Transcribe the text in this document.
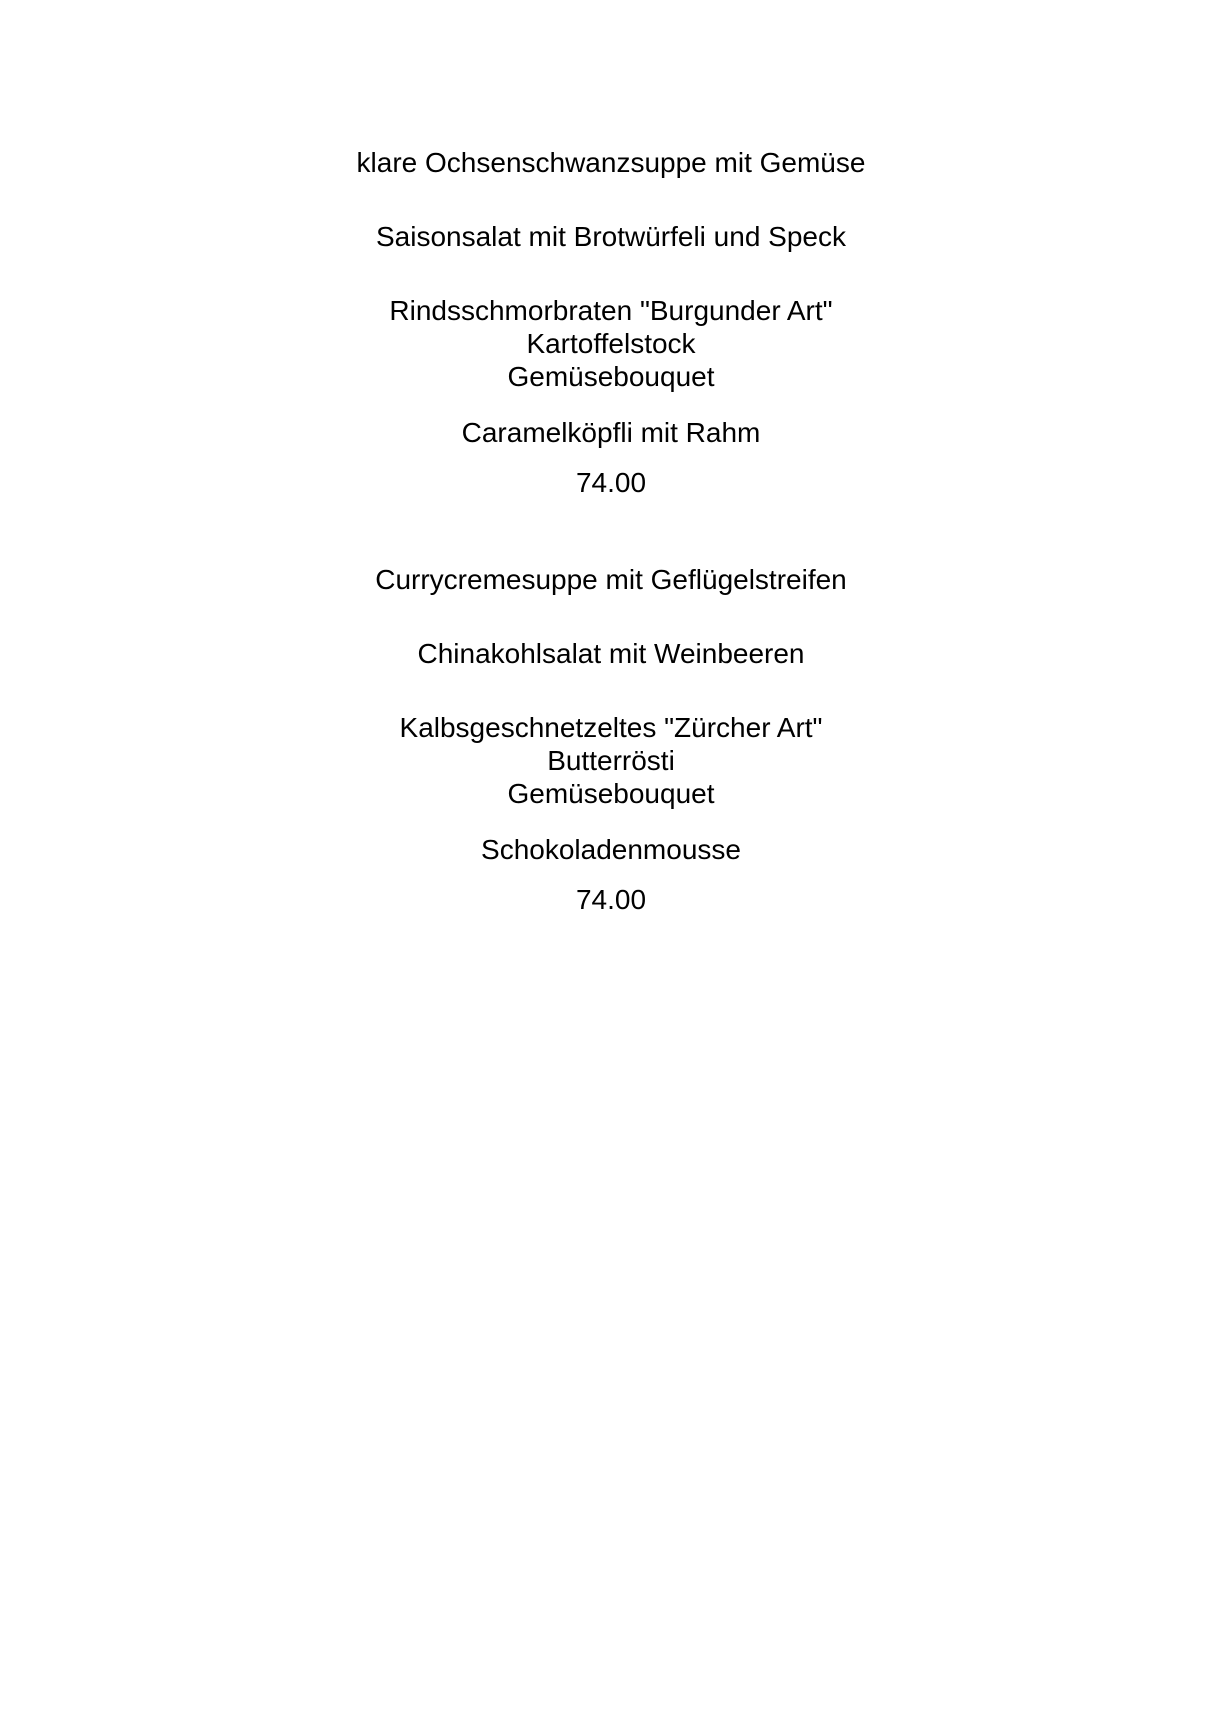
klare Ochsenschwanzsuppe mit Gemüse
Saisonsalat mit Brotwürfeli und Speck
Rindsschmorbraten "Burgunder Art"
Kartoffelstock
Gemüsebouquet
Caramelköpfli mit Rahm
74.00
Currycremesuppe mit Geflügelstreifen
Chinakohlsalat mit Weinbeeren
Kalbsgeschnetzeltes "Zürcher Art"
Butterrösti
Gemüsebouquet
Schokoladenmousse
74.00
